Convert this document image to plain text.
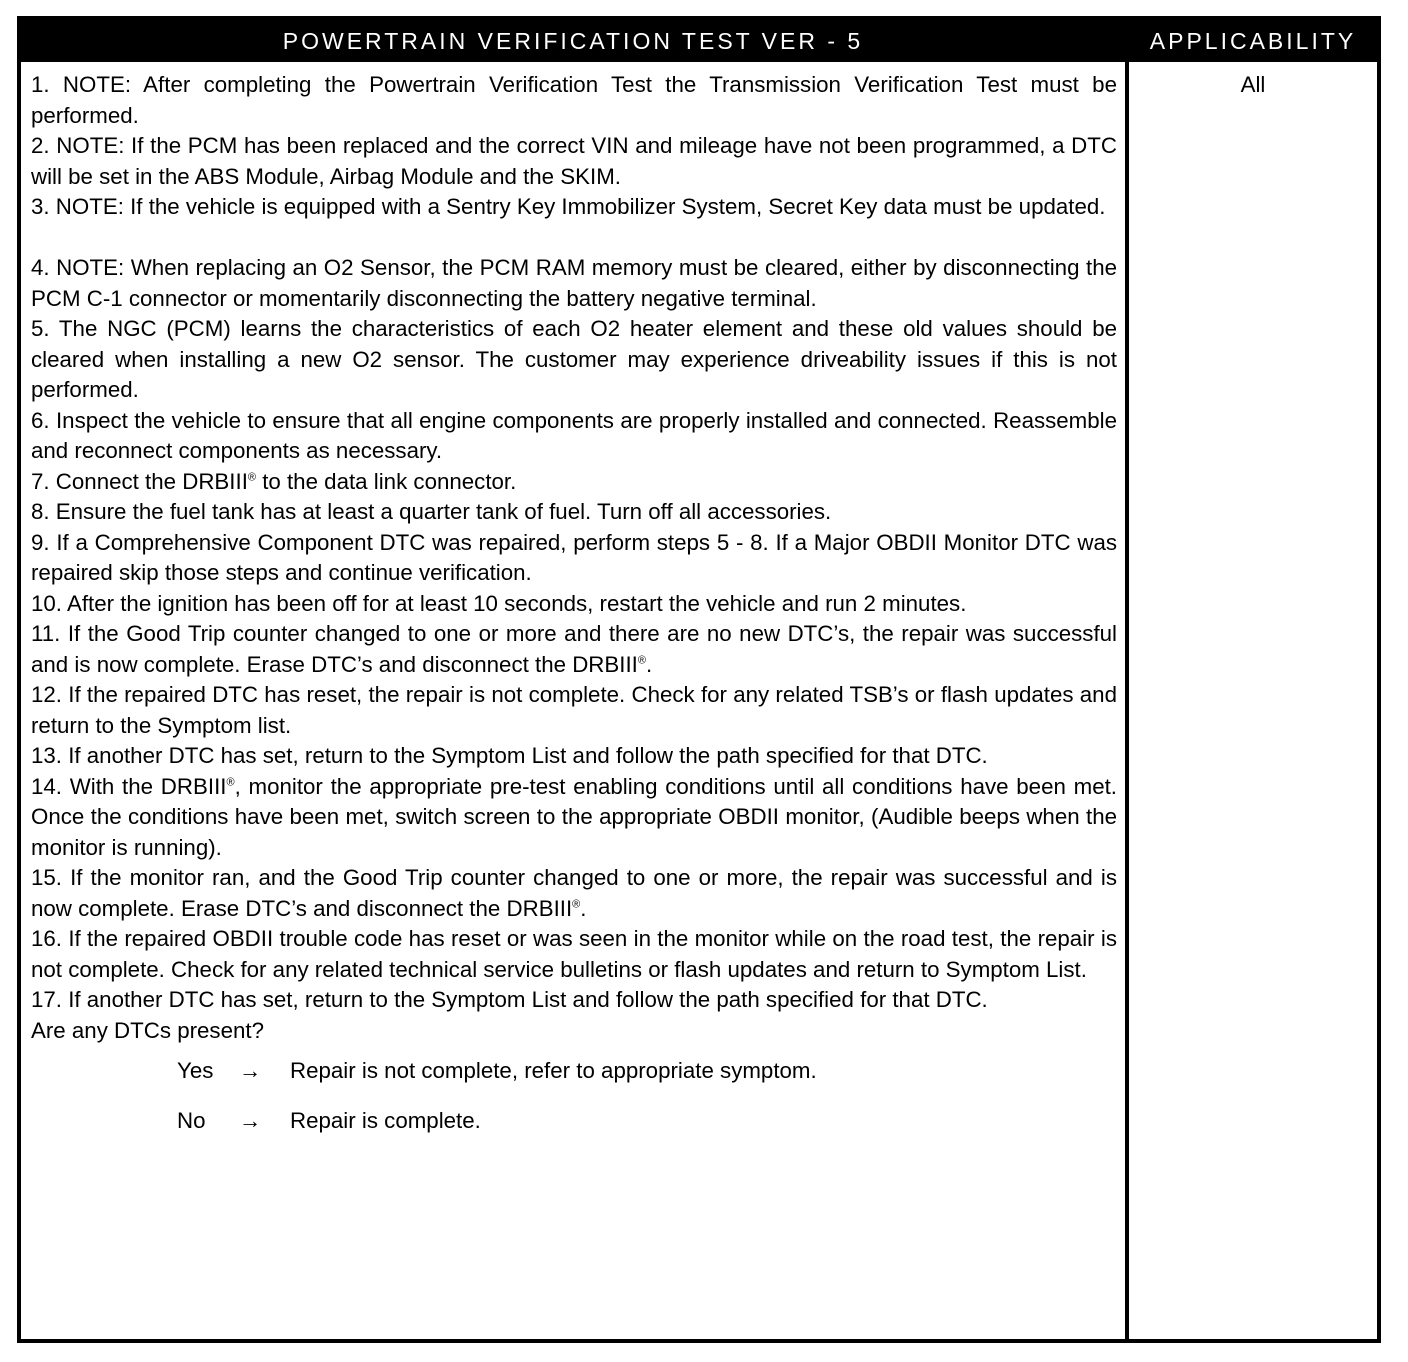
POWERTRAIN VERIFICATION TEST VER - 5	APPLICABILITY

1. NOTE: After completing the Powertrain Verification Test the Transmission Verification Test must be performed.

2. NOTE: If the PCM has been replaced and the correct VIN and mileage have not been programmed, a DTC will be set in the ABS Module, Airbag Module and the SKIM.

3. NOTE: If the vehicle is equipped with a Sentry Key Immobilizer System, Secret Key data must be updated.

4. NOTE: When replacing an O2 Sensor, the PCM RAM memory must be cleared, either by disconnecting the PCM C-1 connector or momentarily disconnecting the battery negative terminal.

5. The NGC (PCM) learns the characteristics of each O2 heater element and these old values should be cleared when installing a new O2 sensor. The customer may experience driveability issues if this is not performed.

6. Inspect the vehicle to ensure that all engine components are properly installed and connected. Reassemble and reconnect components as necessary.

7. Connect the DRBIII® to the data link connector.

8. Ensure the fuel tank has at least a quarter tank of fuel. Turn off all accessories.

9. If a Comprehensive Component DTC was repaired, perform steps 5 - 8. If a Major OBDII Monitor DTC was repaired skip those steps and continue verification.

10. After the ignition has been off for at least 10 seconds, restart the vehicle and run 2 minutes.

11. If the Good Trip counter changed to one or more and there are no new DTC’s, the repair was successful and is now complete. Erase DTC’s and disconnect the DRBIII®.

12. If the repaired DTC has reset, the repair is not complete. Check for any related TSB’s or flash updates and return to the Symptom list.

13. If another DTC has set, return to the Symptom List and follow the path specified for that DTC.

14. With the DRBIII®, monitor the appropriate pre-test enabling conditions until all conditions have been met. Once the conditions have been met, switch screen to the appropriate OBDII monitor, (Audible beeps when the monitor is running).

15. If the monitor ran, and the Good Trip counter changed to one or more, the repair was successful and is now complete. Erase DTC’s and disconnect the DRBIII®.

16. If the repaired OBDII trouble code has reset or was seen in the monitor while on the road test, the repair is not complete. Check for any related technical service bulletins or flash updates and return to Symptom List.

17. If another DTC has set, return to the Symptom List and follow the path specified for that DTC.

Are any DTCs present?

Yes → Repair is not complete, refer to appropriate symptom.
No → Repair is complete.
All
